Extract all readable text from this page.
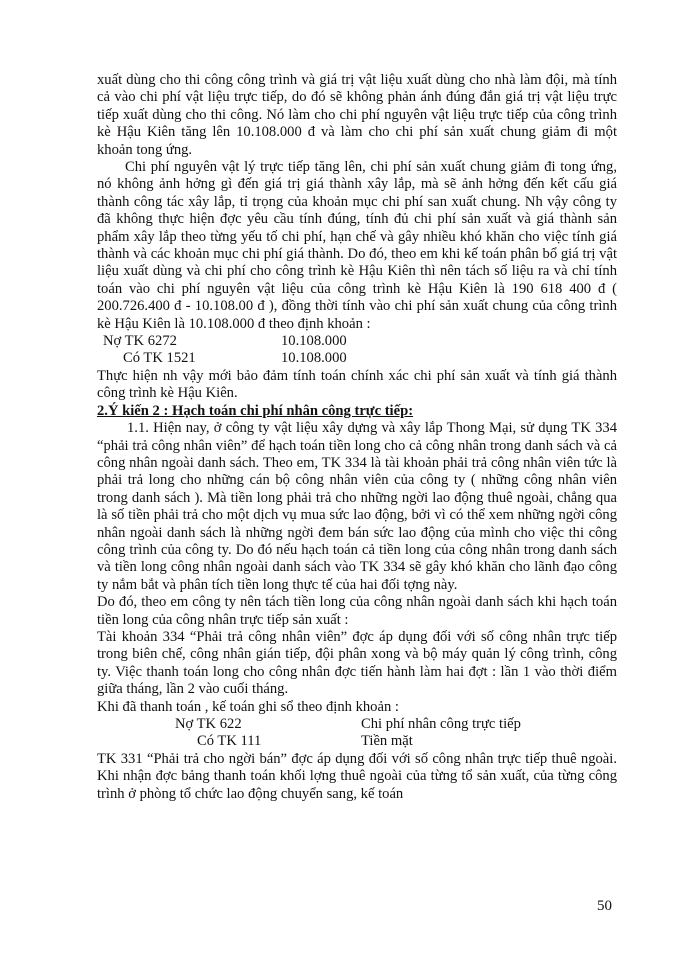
xuất dùng cho thi công công trình và giá trị vật liệu xuất dùng cho nhà làm đội, mà tính cả vào chi phí vật liệu trực tiếp, do đó sẽ không phản ánh đúng đắn giá trị vật liệu trực tiếp xuất dùng cho thi công. Nó làm cho chi phí nguyên vật liệu trực tiếp của công trình kè Hậu Kiên tăng lên 10.108.000 đ và làm cho chi phí sản xuất chung giảm đi một khoản tong ứng.

Chi phí nguyên vật lý trực tiếp tăng lên, chi phí sản xuất chung giảm đi tong ứng, nó không ảnh hởng gì đến giá trị giá thành xây lắp, mà sẽ ảnh hởng đến kết cấu giá thành công tác xây lắp, tỉ trọng của khoản mục chi phí san xuất chung. Nh vậy công ty đã không thực hiện đợc yêu cầu tính đúng, tính đủ chi phí sản xuất và giá thành sản phẩm xây lắp theo từng yếu tố chi phí, hạn chế và gây nhiều khó khăn cho việc tính giá thành và các khoản mục chi phí giá thành. Do đó, theo em khi kế toán phân bổ giá trị vật liệu xuất dùng và chi phí cho công trình kè Hậu Kiên thì nên tách số liệu ra và chỉ tính toán vào chi phí nguyên vật liệu của công trình kè Hậu Kiên là 190 618 400 đ ( 200.726.400 đ - 10.108.00 đ ), đồng thời tính vào chi phí sản xuất chung của công trình kè Hậu Kiên là 10.108.000 đ theo định khoản :

Nợ TK 6272	10.108.000
Có TK 1521	10.108.000

Thực hiện nh vậy mới bảo đảm tính toán chính xác chi phí sản xuất và tính giá thành công trình kè Hậu Kiên.

2.Ý kiến 2 : Hạch toán chi phí nhân công trực tiếp:

1.1. Hiện nay, ở công ty vật liệu xây dựng và xây lắp Thong Mại, sử dụng TK 334 “phải trả công nhân viên” để hạch toán tiền long cho cả công nhân trong danh sách và cả công nhân ngoài danh sách. Theo em, TK 334 là tài khoản phải trả công nhân viên tức là phải trả long cho những cán bộ công nhân viên của công ty ( những công nhân viên trong danh sách ). Mà tiền long phải trả cho những ngời lao động thuê ngoài, chẳng qua là số tiền phải trả cho một dịch vụ mua sức lao động, bởi vì có thể xem những ngời công nhân ngoài danh sách là những ngời đem bán sức lao động của mình cho việc thi công công trình của công ty. Do đó nếu hạch toán cả tiền long của công nhân trong danh sách và tiền long công nhân ngoài danh sách vào TK 334 sẽ gây khó khăn cho lãnh đạo công ty nắm bắt và phân tích tiền long thực tế của hai đối tợng này.

Do đó, theo em công ty nên tách tiền long của công nhân ngoài danh sách khi hạch toán tiền long của công nhân trực tiếp sản xuất :

Tài khoản 334 “Phải trả công nhân viên” đợc áp dụng đối với số công nhân trực tiếp trong biên chế, công nhân gián tiếp, đội phân xong và bộ máy quản lý công trình, công ty. Việc thanh toán long cho công nhân đợc tiến hành làm hai đợt : lần 1 vào thời điểm giữa tháng, lần 2 vào cuối tháng.

Khi đã thanh toán , kế toán ghi sổ theo định khoản :

Nợ TK 622	Chi phí nhân công trực tiếp
Có TK 111	Tiền mặt

TK 331 “Phải trả cho ngời bán” đợc áp dụng đối với số công nhân trực tiếp thuê ngoài. Khi nhận đợc bảng thanh toán khối lợng thuê ngoài của từng tổ sản xuất, của từng công trình ở phòng tổ chức lao động chuyển sang, kế toán

50
